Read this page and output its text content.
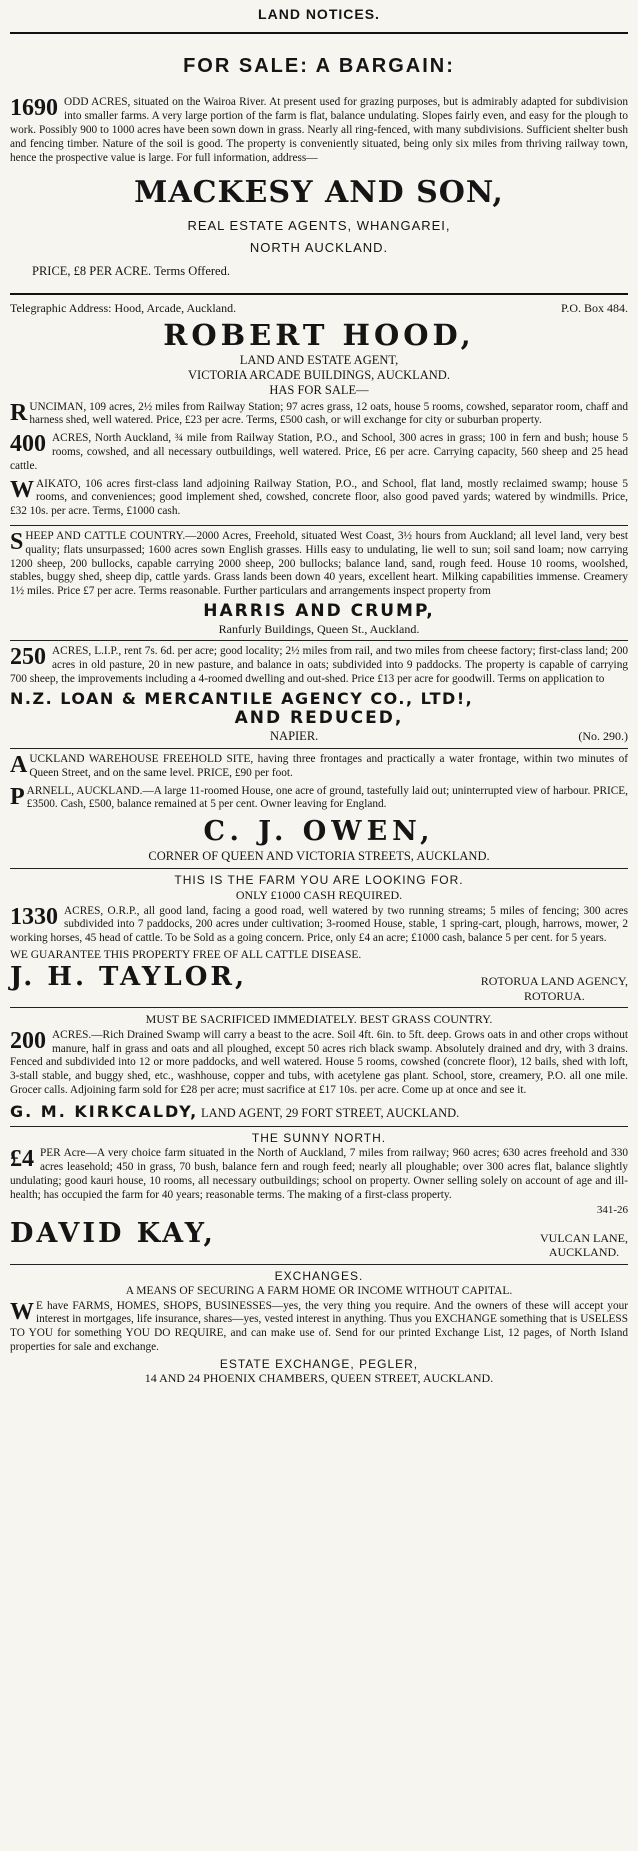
LAND NOTICES.
FOR SALE: A BARGAIN:
1690 ODD ACRES, situated on the Wairoa River. At present used for grazing purposes, but is admirably adapted for subdivision into smaller farms. A very large portion of the farm is flat, balance undulating. Slopes fairly even, and easy for the plough to work. Possibly 900 to 1000 acres have been sown down in grass. Nearly all ring-fenced, with many subdivisions. Sufficient shelter bush and fencing timber. Nature of the soil is good. The property is conveniently situated, being only six miles from thriving railway town, hence the prospective value is large. For full information, address—
MACKESY AND SON,
REAL ESTATE AGENTS, WHANGAREI,
NORTH AUCKLAND.
PRICE, £8 PER ACRE. Terms Offered.
Telegraphic Address: Hood, Arcade, Auckland.	P.O. Box 484.
ROBERT HOOD,
LAND AND ESTATE AGENT,
VICTORIA ARCADE BUILDINGS, AUCKLAND.
HAS FOR SALE—
R UNCIMAN, 109 acres, 2½ miles from Railway Station; 97 acres grass, 12 oats, house 5 rooms, cowshed, separator room, chaff and harness shed, well watered. Price, £23 per acre. Terms, £500 cash, or will exchange for city or suburban property.
400 ACRES, North Auckland, ¾ mile from Railway Station, P.O., and School, 300 acres in grass; 100 in fern and bush; house 5 rooms, cowshed, and all necessary outbuildings, well watered. Price, £6 per acre. Carrying capacity, 560 sheep and 25 head cattle.
W AIKATO, 106 acres first-class land adjoining Railway Station, P.O., and School, flat land, mostly reclaimed swamp; house 5 rooms, and conveniences; good implement shed, cowshed, concrete floor, also good paved yards; watered by windmills. Price, £32 10s. per acre. Terms, £1000 cash.
S HEEP AND CATTLE COUNTRY.—2000 Acres, Freehold, situated West Coast, 3½ hours from Auckland; all level land, very best quality; flats unsurpassed; 1600 acres sown English grasses. Hills easy to undulating, lie well to sun; soil sand loam; now carrying 1200 sheep, 200 bullocks, capable carrying 2000 sheep, 200 bullocks; balance land, sand, rough feed. House 10 rooms, woolshed, stables, buggy shed, sheep dip, cattle yards. Grass lands been down 40 years, excellent heart. Milking capabilities immense. Creamery 1½ miles. Price £7 per acre. Terms reasonable. Further particulars and arrangements inspect property from
HARRIS AND CRUMP,
Ranfurly Buildings, Queen St., Auckland.
250 ACRES, L.I.P., rent 7s. 6d. per acre; good locality; 2½ miles from rail, and two miles from cheese factory; first-class land; 200 acres in old pasture, 20 in new pasture, and balance in oats; subdivided into 9 paddocks. The property is capable of carrying 700 sheep, the improvements including a 4-roomed dwelling and out-shed. Price £13 per acre for goodwill. Terms on application to
N.Z. LOAN & MERCANTILE AGENCY CO., LTD!,
AND REDUCED,
NAPIER.	(No. 290.)
A UCKLAND WAREHOUSE FREEHOLD SITE, having three frontages and practically a water frontage, within two minutes of Queen Street, and on the same level. PRICE, £90 per foot.
P ARNELL, AUCKLAND.—A large 11-roomed House, one acre of ground, tastefully laid out; uninterrupted view of harbour. PRICE, £3500. Cash, £500, balance remained at 5 per cent. Owner leaving for England.
C. J. OWEN,
CORNER OF QUEEN AND VICTORIA STREETS, AUCKLAND.
THIS IS THE FARM YOU ARE LOOKING FOR.
ONLY £1000 CASH REQUIRED.
1330 ACRES, O.R.P., all good land, facing a good road, well watered by two running streams; 5 miles of fencing; 300 acres subdivided into 7 paddocks, 200 acres under cultivation; 3-roomed House, stable, 1 spring-cart, plough, harrows, mower, 2 working horses, 45 head of cattle. To be Sold as a going concern. Price, only £4 an acre; £1000 cash, balance 5 per cent. for 5 years.
WE GUARANTEE THIS PROPERTY FREE OF ALL CATTLE DISEASE.
J. H. TAYLOR,	ROTORUA LAND AGENCY,
ROTORUA.
MUST BE SACRIFICED IMMEDIATELY. BEST GRASS COUNTRY.
200 ACRES.—Rich Drained Swamp will carry a beast to the acre. Soil 4ft. 6in. to 5ft. deep. Grows oats in and other crops without manure, half in grass and oats and all ploughed, except 50 acres rich black swamp. Absolutely drained and dry, with 3 drains. Fenced and subdivided into 12 or more paddocks, and well watered. House 5 rooms, cowshed (concrete floor), 12 bails, shed with loft, 3-stall stable, and buggy shed, etc., washhouse, copper and tubs, with acetylene gas plant. School, store, creamery, P.O. all one mile. Grocer calls. Adjoining farm sold for £28 per acre; must sacrifice at £17 10s. per acre. Come up at once and see it.
G. M. KIRKCALDY, LAND AGENT, 29 FORT STREET, AUCKLAND.
THE SUNNY NORTH.
£4 PER Acre—A very choice farm situated in the North of Auckland, 7 miles from railway; 960 acres; 630 acres freehold and 330 acres leasehold; 450 in grass, 70 bush, balance fern and rough feed; nearly all ploughable; over 300 acres flat, balance slightly undulating; good kauri house, 10 rooms, all necessary outbuildings; school on property. Owner selling solely on account of age and ill-health; has occupied the farm for 40 years; reasonable terms. The making of a first-class property.
341-26
DAVID KAY,	VULCAN LANE,
AUCKLAND.
EXCHANGES.
A MEANS OF SECURING A FARM HOME OR INCOME WITHOUT CAPITAL.
W E have FARMS, HOMES, SHOPS, BUSINESSES—yes, the very thing you require. And the owners of these will accept your interest in mortgages, life insurance, shares—yes, vested interest in anything. Thus you EXCHANGE something that is USELESS TO YOU for something YOU DO REQUIRE, and can make use of. Send for our printed Exchange List, 12 pages, of North Island properties for sale and exchange.
ESTATE EXCHANGE, PEGLER,
14 AND 24 PHOENIX CHAMBERS, QUEEN STREET, AUCKLAND.
